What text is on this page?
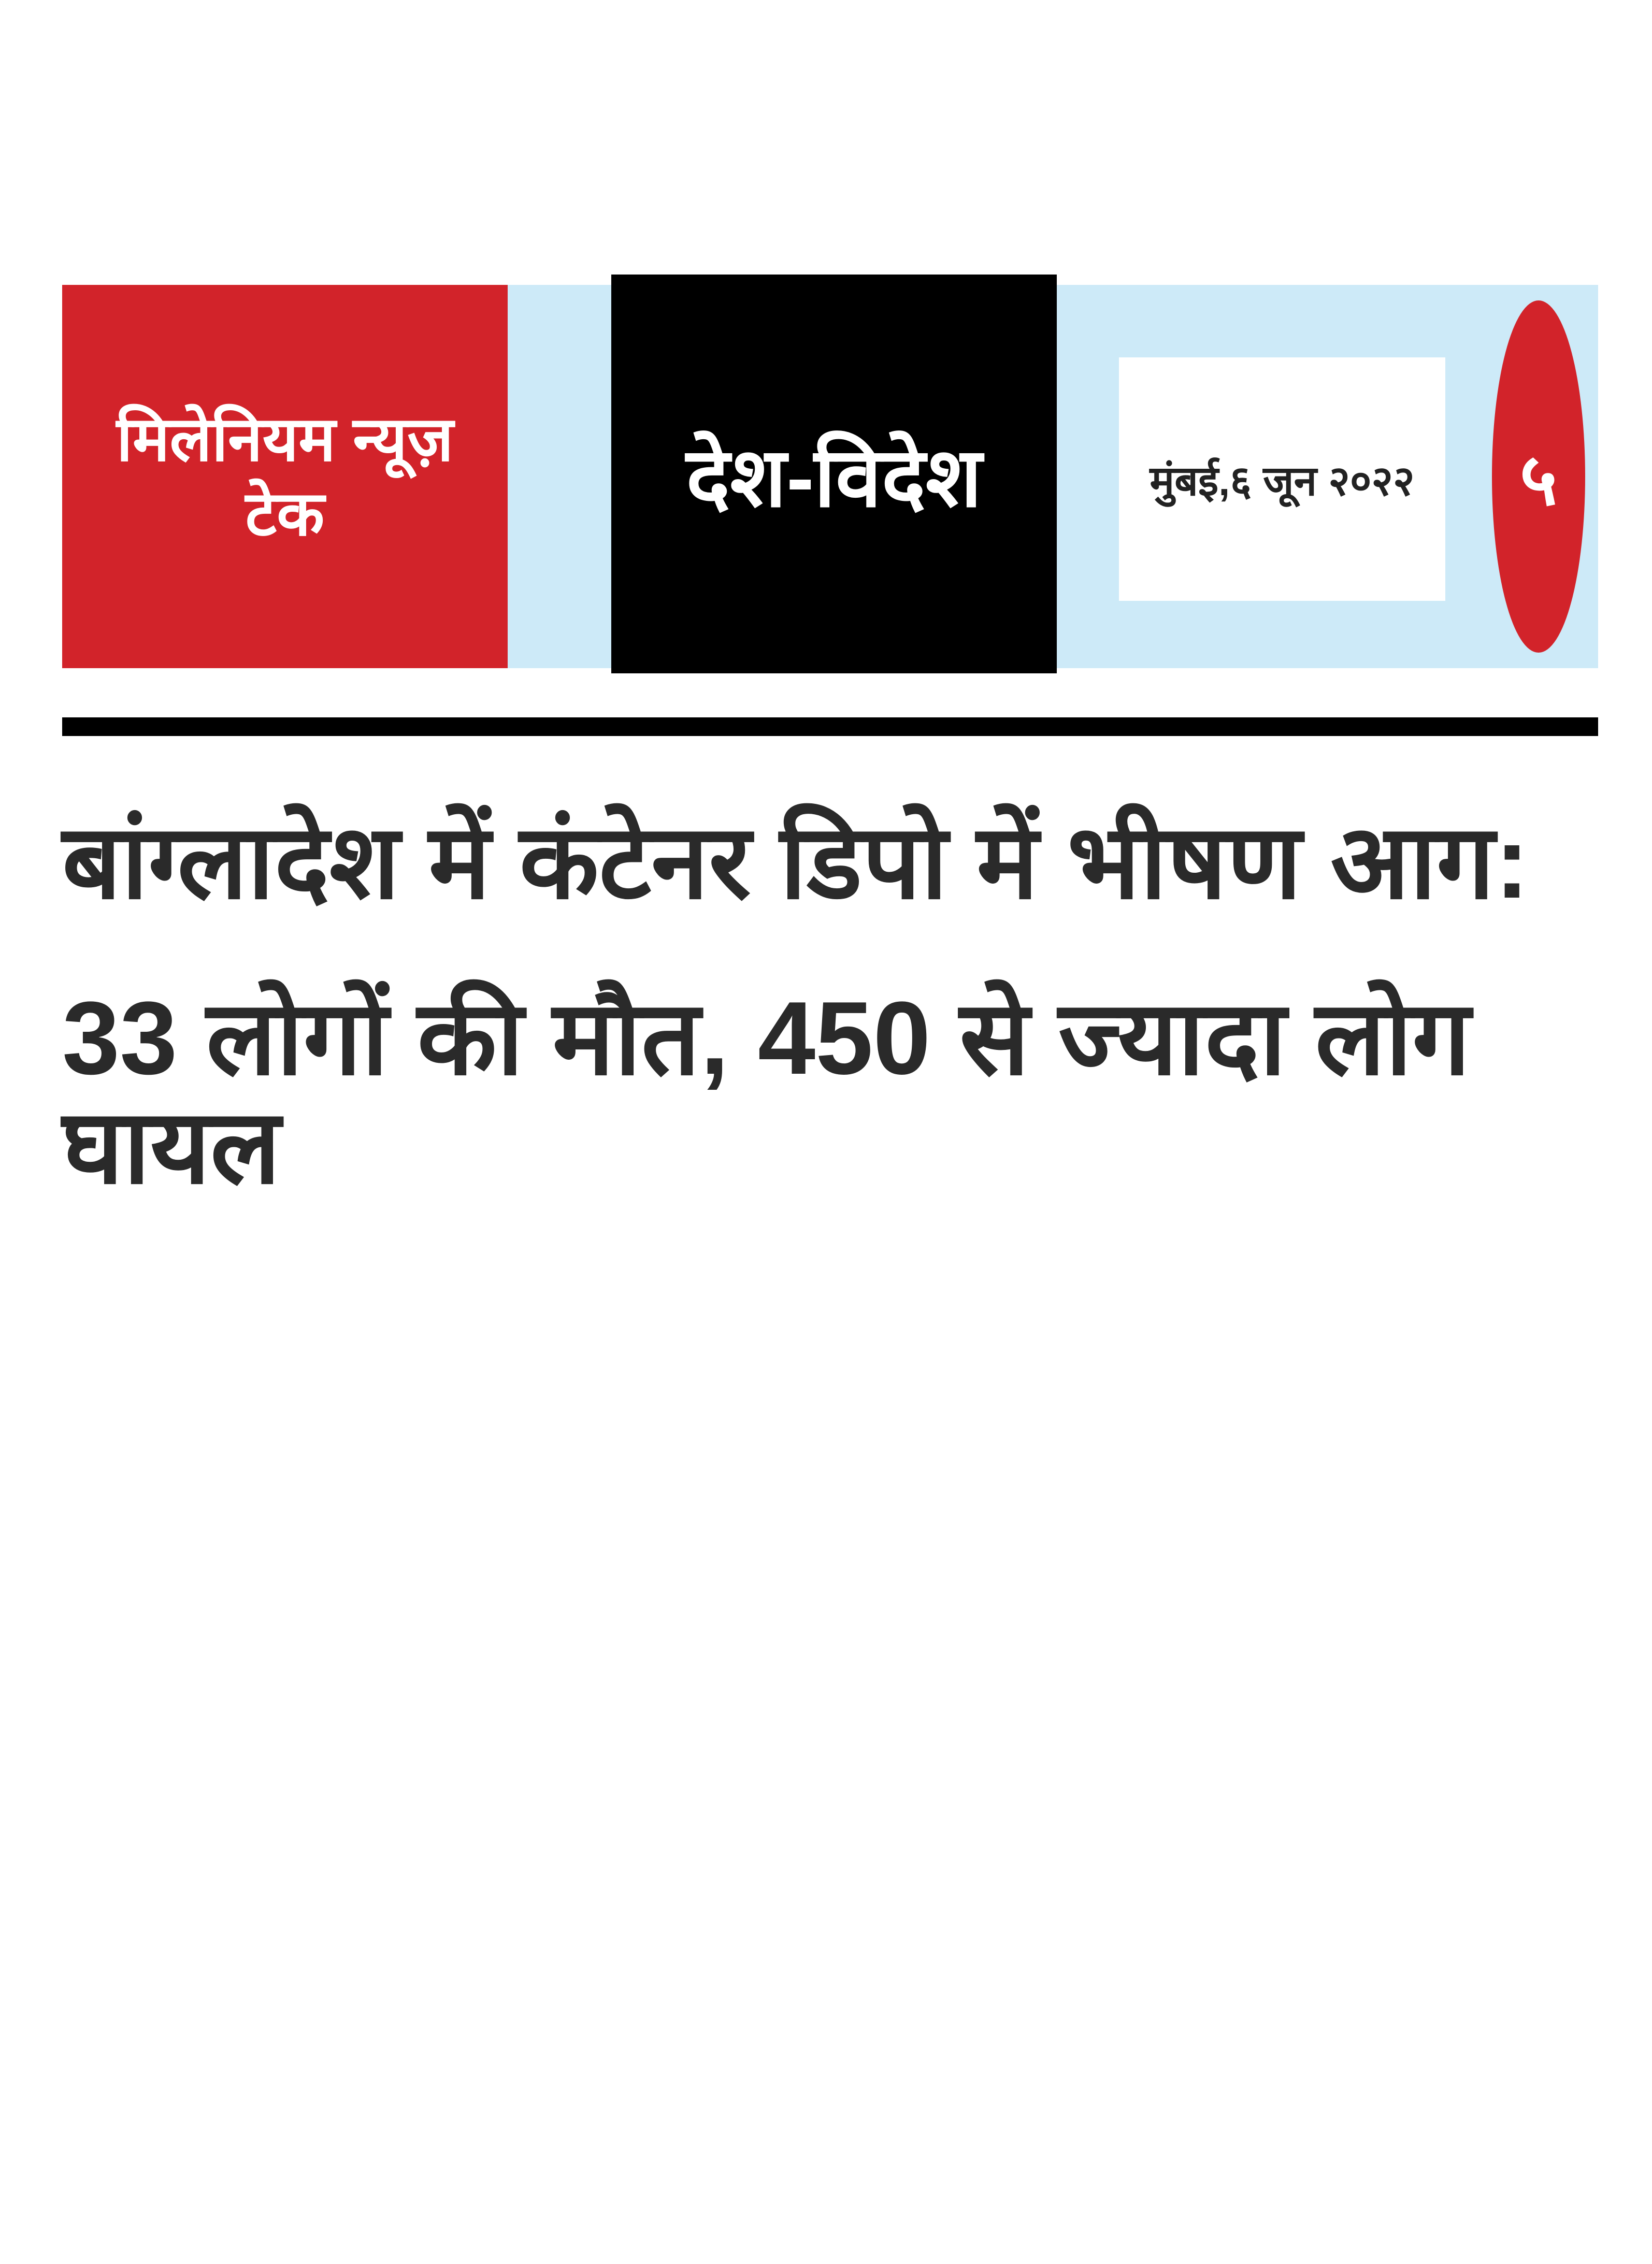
मिलेनियम न्यूज़ टेक	देश-विदेश	मुंबई,६ जून २०२२	५
बांग्लादेश में कंटेनर डिपो में भीषण आग:
33 लोगों की मौत, 450 से ज्यादा लोग घायल
